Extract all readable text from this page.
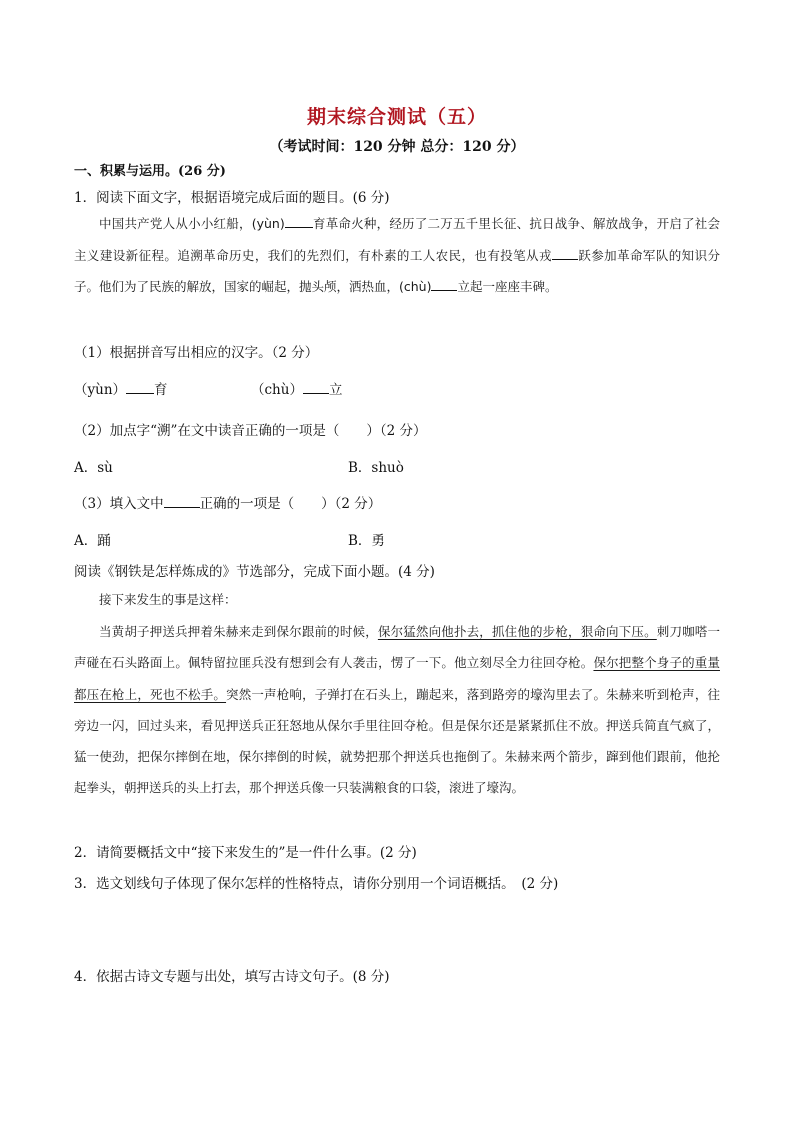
期末综合测试（五）
（考试时间：120 分钟 总分：120 分）
一、积累与运用。(26 分)
1．阅读下面文字，根据语境完成后面的题目。(6 分)
中国共产党人从小小红船，(yùn) 育革命火种，经历了二万五千里长征、抗日战争、解放战争，开启了社会主义建设新征程。追溯革命历史，我们的先烈们，有朴素的工人农民，也有投笔从戎 跃参加革命军队的知识分子。他们为了民族的解放，国家的崛起，抛头颅，洒热血，(chù) 立起一座座丰碑。
（1）根据拼音写出相应的汉字。（2 分）
（yùn） 育	（chù） 立
（2）加点字“溯”在文中读音正确的一项是（　　）（2 分）
A．sù	B．shuò
（3）填入文中	正确的一项是（　　）（2 分）
A．踊	B．勇
阅读《钢铁是怎样炼成的》节选部分，完成下面小题。(4 分)
接下来发生的事是这样：
当黄胡子押送兵押着朱赫来走到保尔跟前的时候，保尔猛然向他扑去，抓住他的步枪，狠命向下压。刺刀咖嗒一声碰在石头路面上。佩特留拉匪兵没有想到会有人袭击，愣了一下。他立刻尽全力往回夺枪。保尔把整个身子的重量都压在枪上，死也不松手。突然一声枪响，子弹打在石头上，蹦起来，落到路旁的壕沟里去了。朱赫来听到枪声，往旁边一闪，回过头来，看见押送兵正狂怒地从保尔手里往回夺枪。但是保尔还是紧紧抓住不放。押送兵简直气疯了，猛一使劲，把保尔摔倒在地，保尔摔倒的时候，就势把那个押送兵也拖倒了。朱赫来两个箭步，蹿到他们跟前，他抡起拳头，朝押送兵的头上打去，那个押送兵像一只装满粮食的口袋，滚进了壕沟。
2．请简要概括文中“接下来发生的”是一件什么事。(2 分)
3．选文划线句子体现了保尔怎样的性格特点，请你分别用一个词语概括。　(2 分)
4．依据古诗文专题与出处，填写古诗文句子。(8 分)
